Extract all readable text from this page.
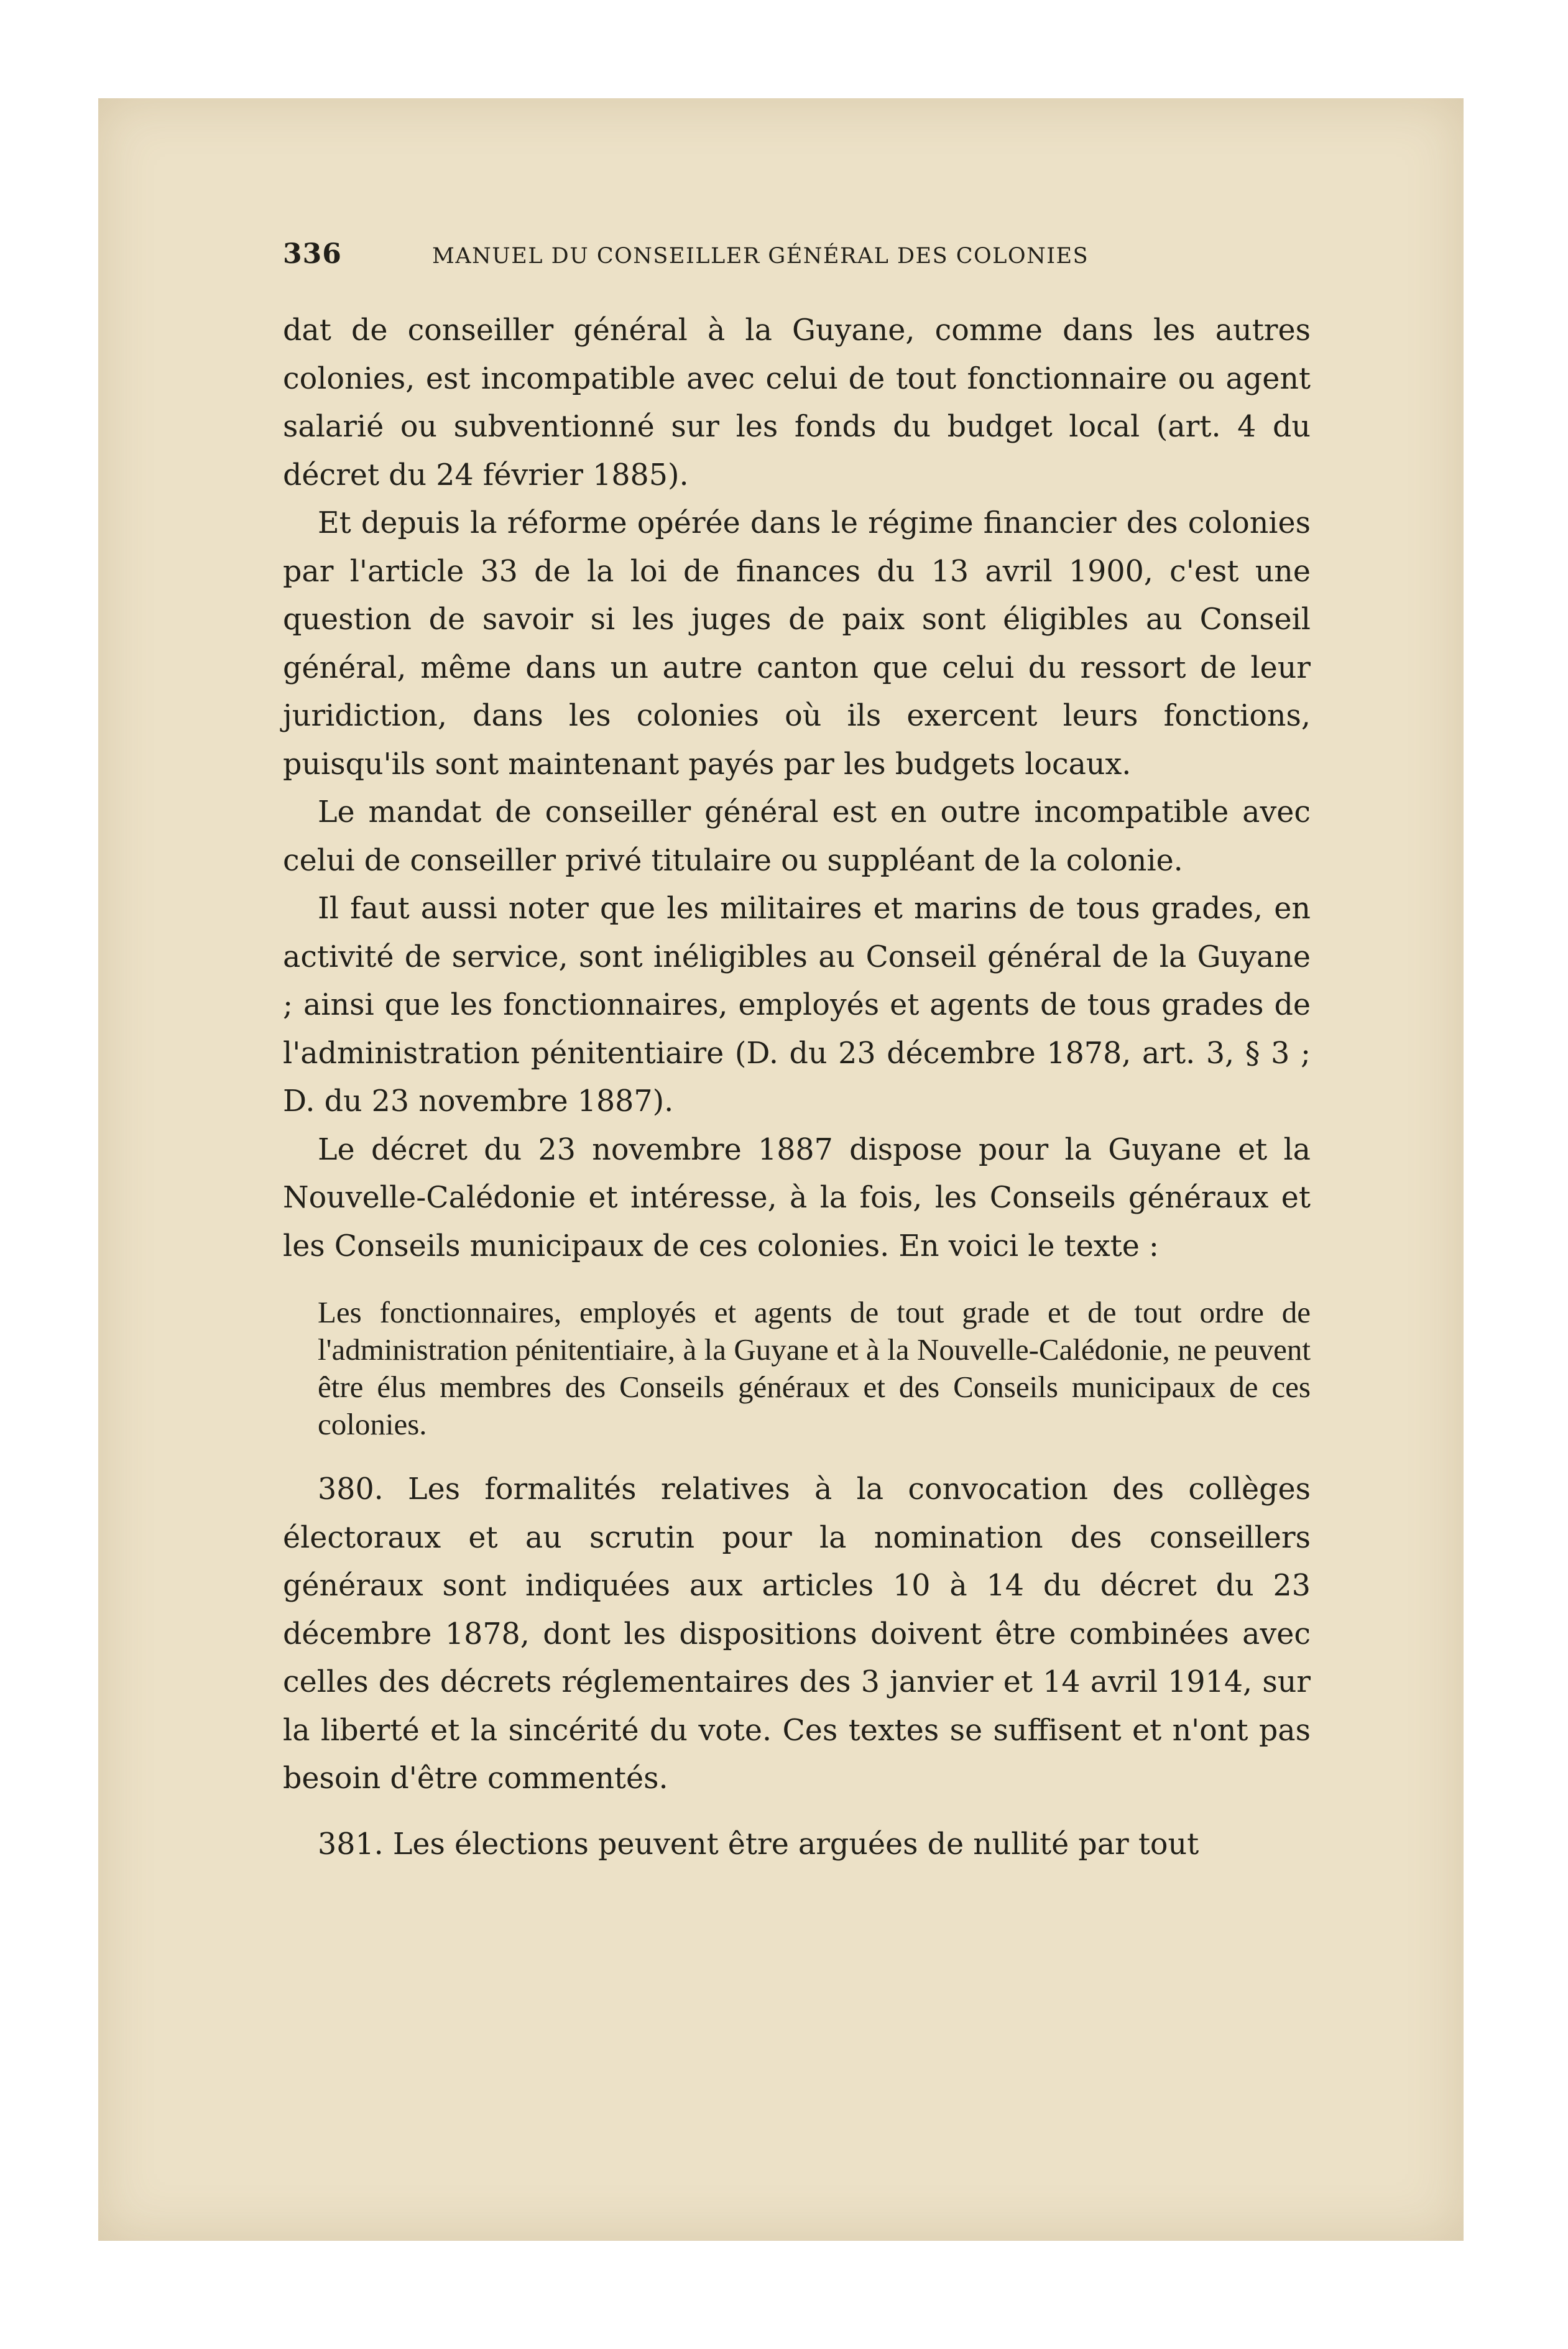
336	MANUEL DU CONSEILLER GÉNÉRAL DES COLONIES

dat de conseiller général à la Guyane, comme dans les autres colonies, est incompatible avec celui de tout fonctionnaire ou agent salarié ou subventionné sur les fonds du budget local (art. 4 du décret du 24 février 1885).

Et depuis la réforme opérée dans le régime financier des colonies par l'article 33 de la loi de finances du 13 avril 1900, c'est une question de savoir si les juges de paix sont éligibles au Conseil général, même dans un autre canton que celui du ressort de leur juridiction, dans les colonies où ils exercent leurs fonctions, puisqu'ils sont maintenant payés par les budgets locaux.

Le mandat de conseiller général est en outre incompatible avec celui de conseiller privé titulaire ou suppléant de la colonie.

Il faut aussi noter que les militaires et marins de tous grades, en activité de service, sont inéligibles au Conseil général de la Guyane ; ainsi que les fonctionnaires, employés et agents de tous grades de l'administration pénitentiaire (D. du 23 décembre 1878, art. 3, § 3 ; D. du 23 novembre 1887).

Le décret du 23 novembre 1887 dispose pour la Guyane et la Nouvelle-Calédonie et intéresse, à la fois, les Conseils généraux et les Conseils municipaux de ces colonies. En voici le texte :

Les fonctionnaires, employés et agents de tout grade et de tout ordre de l'administration pénitentiaire, à la Guyane et à la Nouvelle-Calédonie, ne peuvent être élus membres des Conseils généraux et des Conseils municipaux de ces colonies.

380. Les formalités relatives à la convocation des collèges électoraux et au scrutin pour la nomination des conseillers généraux sont indiquées aux articles 10 à 14 du décret du 23 décembre 1878, dont les dispositions doivent être combinées avec celles des décrets réglementaires des 3 janvier et 14 avril 1914, sur la liberté et la sincérité du vote. Ces textes se suffisent et n'ont pas besoin d'être commentés.

381. Les élections peuvent être arguées de nullité par tout
